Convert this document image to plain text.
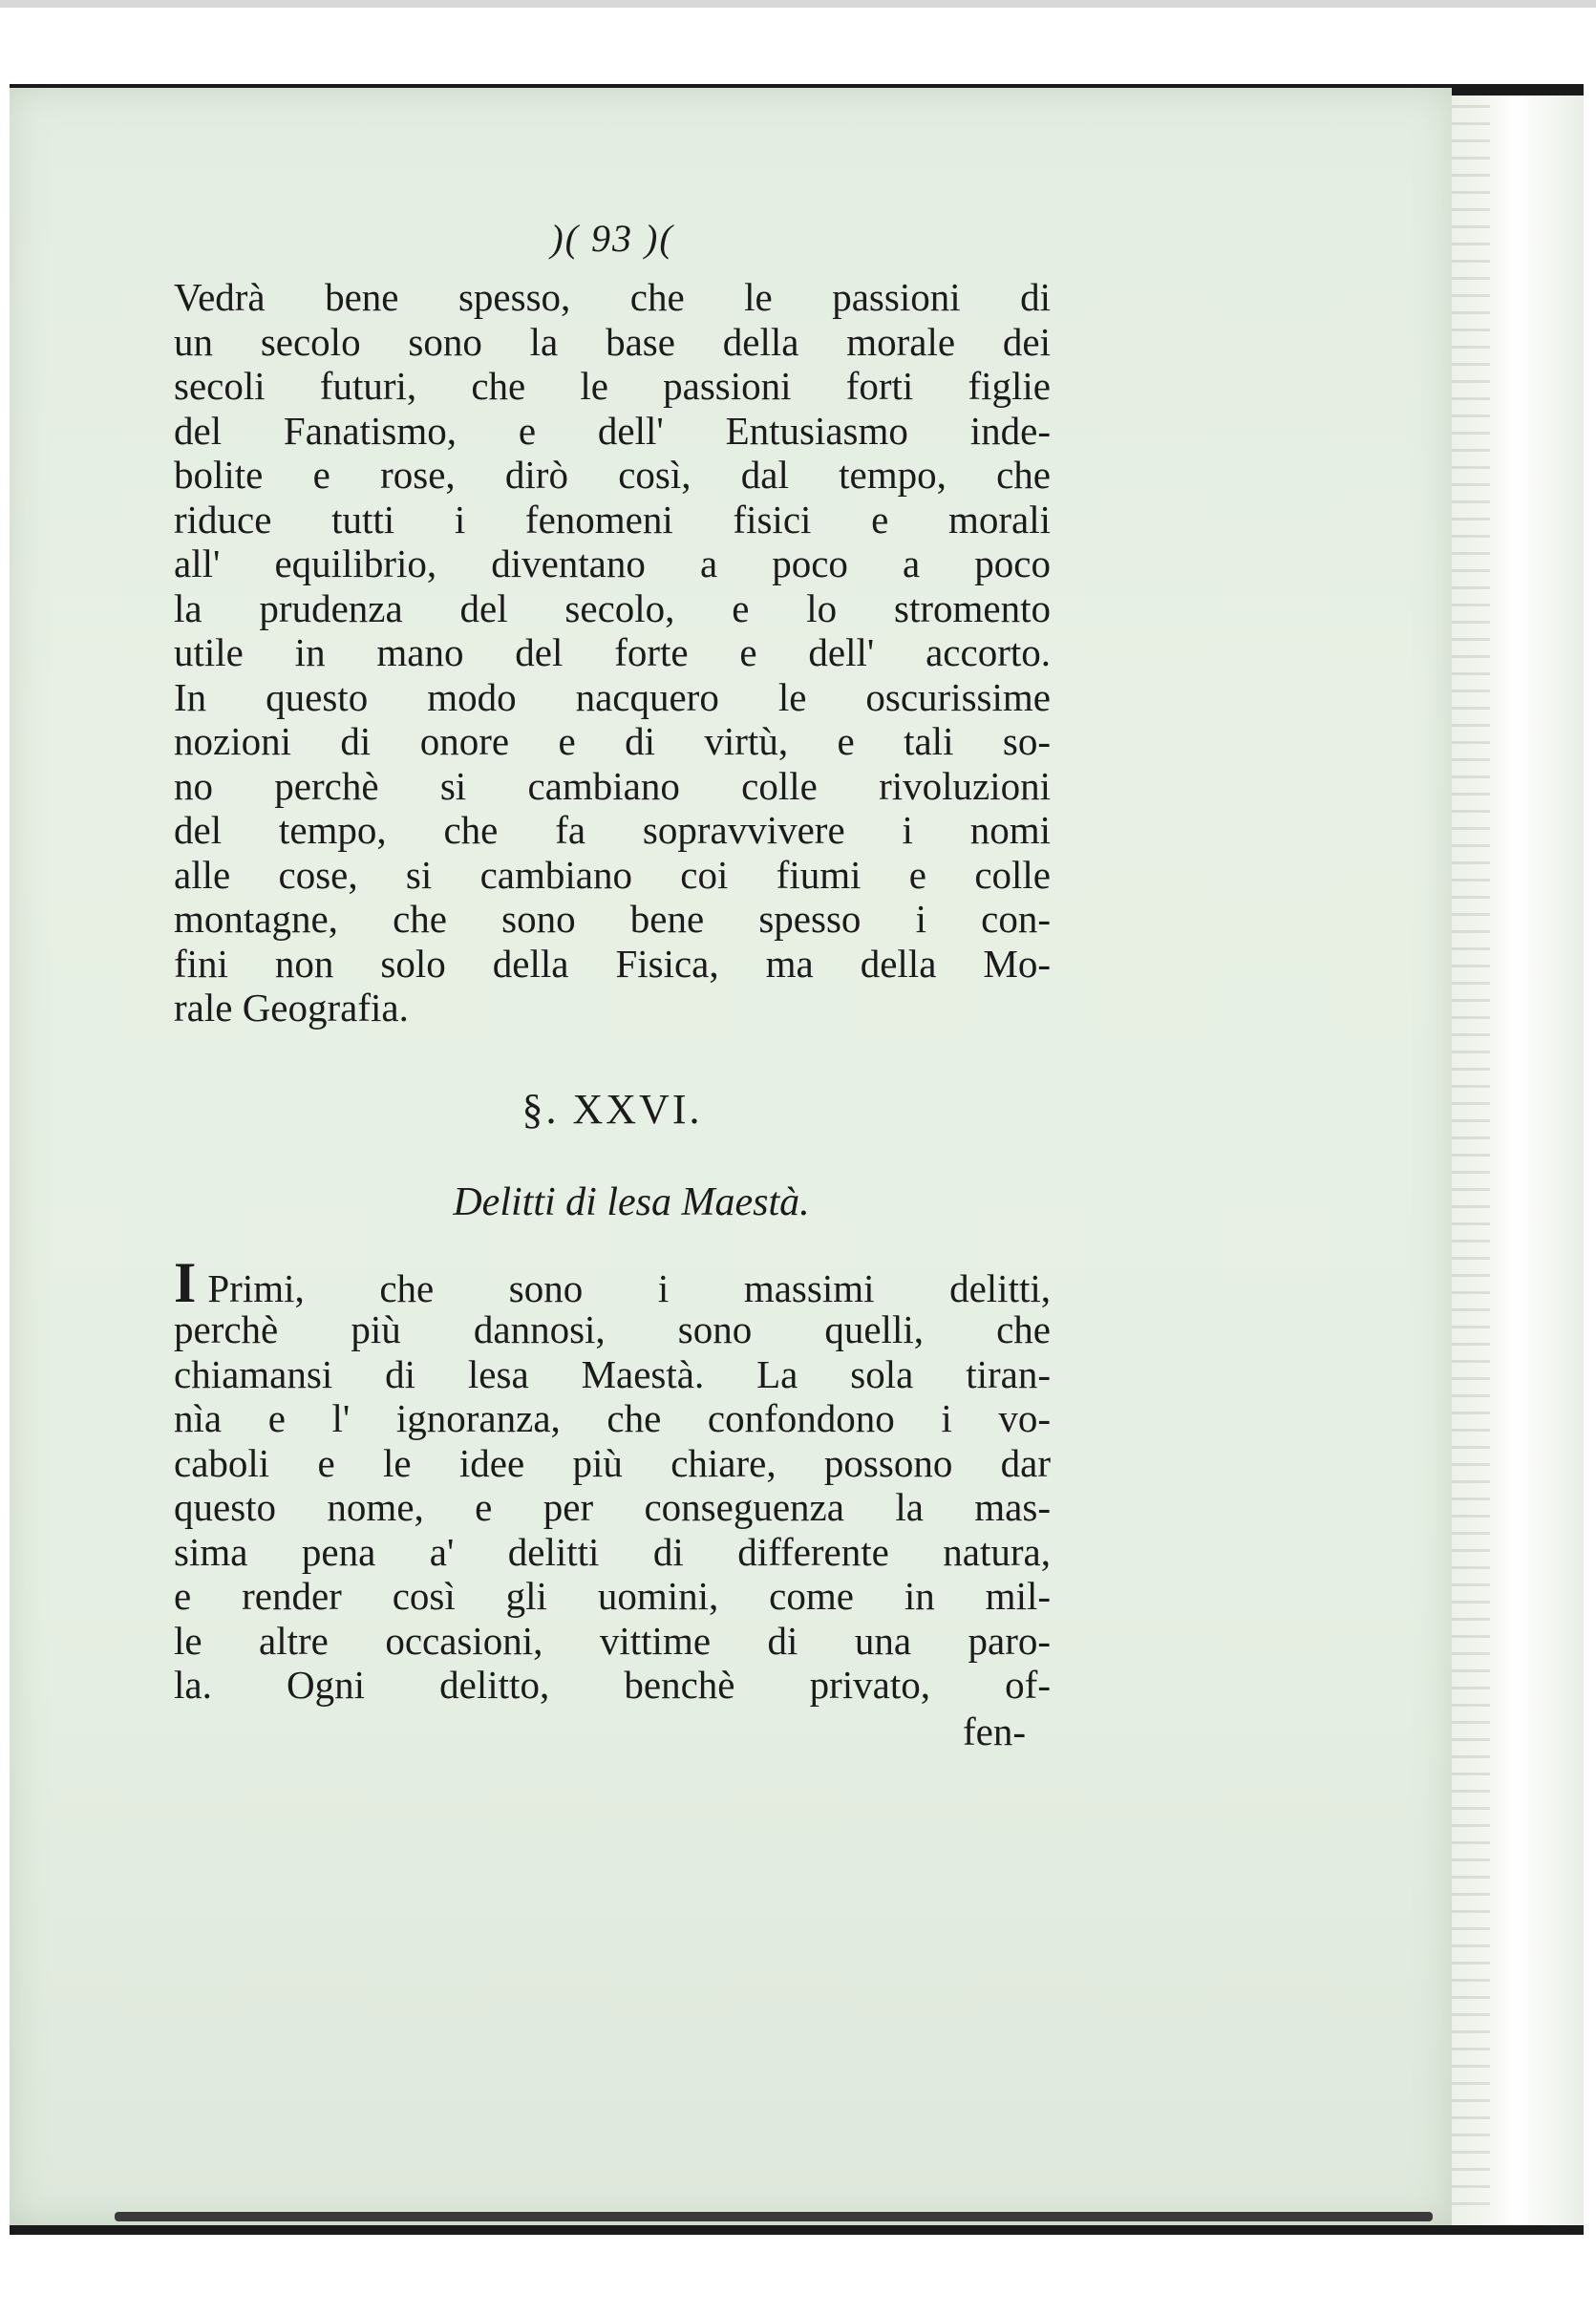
)( 93 )(
Vedrà bene spesso, che le passioni di
un secolo sono la base della morale dei
secoli futuri, che le passioni forti figlie
del Fanatismo, e dell' Entusiasmo inde-
bolite e rose, dirò così, dal tempo, che
riduce tutti i fenomeni fisici e morali
all' equilibrio, diventano a poco a poco
la prudenza del secolo, e lo stromento
utile in mano del forte e dell' accorto.
In questo modo nacquero le oscurissime
nozioni di onore e di virtù, e tali so-
no perchè si cambiano colle rivoluzioni
del tempo, che fa sopravvivere i nomi
alle cose, si cambiano coi fiumi e colle
montagne, che sono bene spesso i con-
fini non solo della Fisica, ma della Mo-
rale Geografia.
§. XXVI.
Delitti di lesa Maestà.
I Primi, che sono i massimi delitti,
perchè più dannosi, sono quelli, che
chiamansi di lesa Maestà. La sola tiran-
nìa e l' ignoranza, che confondono i vo-
caboli e le idee più chiare, possono dar
questo nome, e per conseguenza la mas-
sima pena a' delitti di differente natura,
e render così gli uomini, come in mil-
le altre occasioni, vittime di una paro-
la. Ogni delitto, benchè privato, of-
fen-
